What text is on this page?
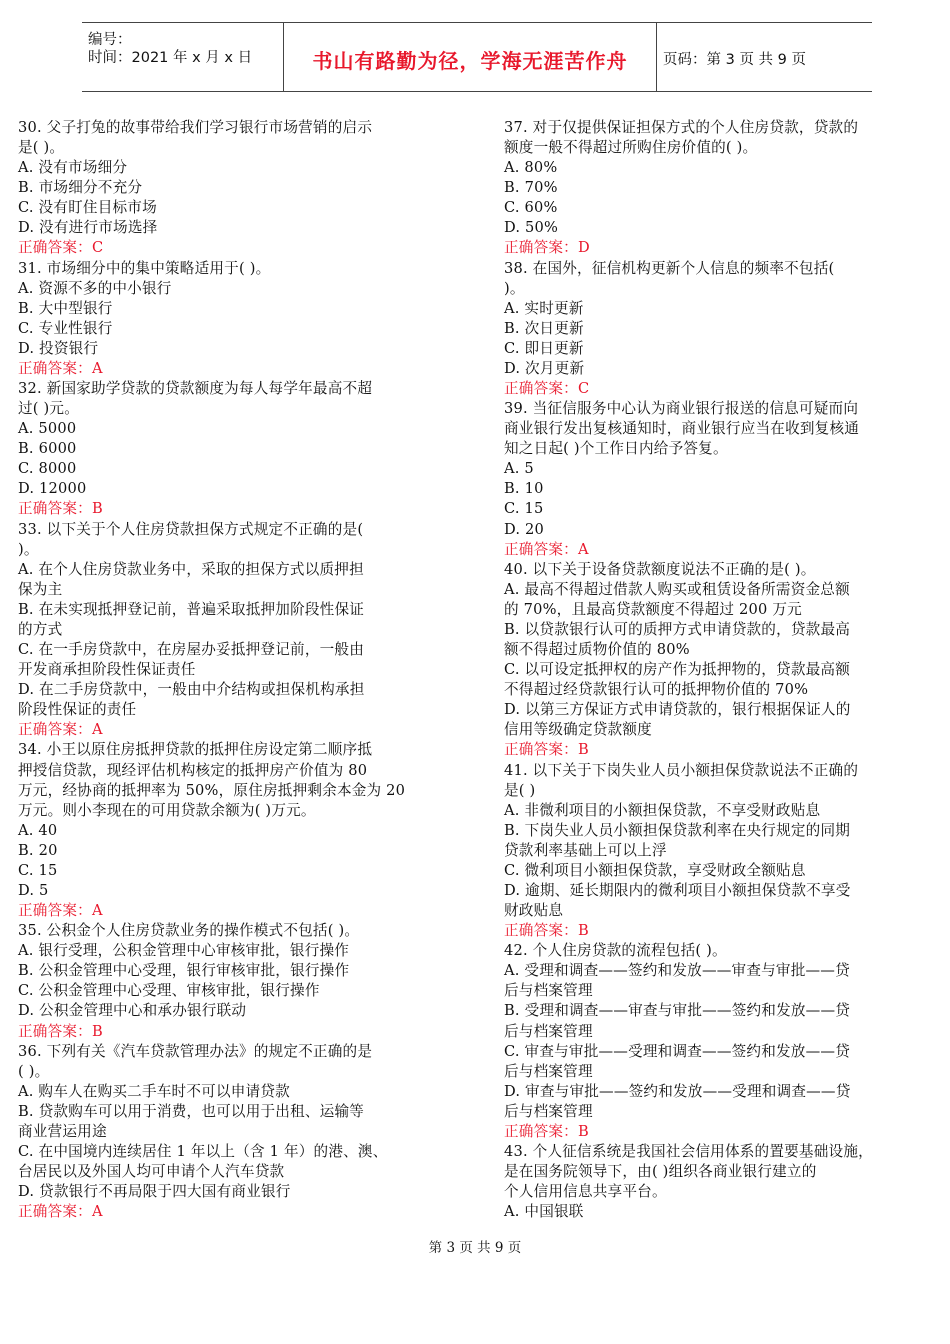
编号：
时间：2021 年 x 月 x 日	书山有路勤为径，学海无涯苦作舟	页码：第 3 页 共 9 页
30. 父子打兔的故事带给我们学习银行市场营销的启示
是( )。
A. 没有市场细分
B. 市场细分不充分
C. 没有盯住目标市场
D. 没有进行市场选择
正确答案：C
31. 市场细分中的集中策略适用于( )。
A. 资源不多的中小银行
B. 大中型银行
C. 专业性银行
D. 投资银行
正确答案：A
32. 新国家助学贷款的贷款额度为每人每学年最高不超
过( )元。
A. 5000
B. 6000
C. 8000
D. 12000
正确答案：B
33. 以下关于个人住房贷款担保方式规定不正确的是(
)。
A. 在个人住房贷款业务中，采取的担保方式以质押担
保为主
B. 在未实现抵押登记前，普遍采取抵押加阶段性保证
的方式
C. 在一手房贷款中，在房屋办妥抵押登记前，一般由
开发商承担阶段性保证责任
D. 在二手房贷款中，一般由中介结构或担保机构承担
阶段性保证的责任
正确答案：A
34. 小王以原住房抵押贷款的抵押住房设定第二顺序抵
押授信贷款，现经评估机构核定的抵押房产价值为 80
万元，经协商的抵押率为 50%，原住房抵押剩余本金为 20
万元。则小李现在的可用贷款余额为( )万元。
A. 40
B. 20
C. 15
D. 5
正确答案：A
35. 公积金个人住房贷款业务的操作模式不包括( )。
A. 银行受理，公积金管理中心审核审批，银行操作
B. 公积金管理中心受理，银行审核审批，银行操作
C. 公积金管理中心受理、审核审批，银行操作
D. 公积金管理中心和承办银行联动
正确答案：B
36. 下列有关《汽车贷款管理办法》的规定不正确的是
( )。
A. 购车人在购买二手车时不可以申请贷款
B. 贷款购车可以用于消费，也可以用于出租、运输等
商业营运用途
C. 在中国境内连续居住 1 年以上（含 1 年）的港、澳、
台居民以及外国人均可申请个人汽车贷款
D. 贷款银行不再局限于四大国有商业银行
正确答案：A
37. 对于仅提供保证担保方式的个人住房贷款，贷款的
额度一般不得超过所购住房价值的( )。
A. 80%
B. 70%
C. 60%
D. 50%
正确答案：D
38. 在国外，征信机构更新个人信息的频率不包括(
)。
A. 实时更新
B. 次日更新
C. 即日更新
D. 次月更新
正确答案：C
39. 当征信服务中心认为商业银行报送的信息可疑而向
商业银行发出复核通知时，商业银行应当在收到复核通
知之日起( )个工作日内给予答复。
A. 5
B. 10
C. 15
D. 20
正确答案：A
40. 以下关于设备贷款额度说法不正确的是( )。
A. 最高不得超过借款人购买或租赁设备所需资金总额
的 70%，且最高贷款额度不得超过 200 万元
B. 以贷款银行认可的质押方式申请贷款的，贷款最高
额不得超过质物价值的 80%
C. 以可设定抵押权的房产作为抵押物的，贷款最高额
不得超过经贷款银行认可的抵押物价值的 70%
D. 以第三方保证方式申请贷款的，银行根据保证人的
信用等级确定贷款额度
正确答案：B
41. 以下关于下岗失业人员小额担保贷款说法不正确的
是( )
A. 非微利项目的小额担保贷款，不享受财政贴息
B. 下岗失业人员小额担保贷款利率在央行规定的同期
贷款利率基础上可以上浮
C. 微利项目小额担保贷款，享受财政全额贴息
D. 逾期、延长期限内的微利项目小额担保贷款不享受
财政贴息
正确答案：B
42. 个人住房贷款的流程包括( )。
A. 受理和调查——签约和发放——审查与审批——贷
后与档案管理
B. 受理和调查——审查与审批——签约和发放——贷
后与档案管理
C. 审查与审批——受理和调查——签约和发放——贷
后与档案管理
D. 审查与审批——签约和发放——受理和调查——贷
后与档案管理
正确答案：B
43. 个人征信系统是我国社会信用体系的置要基础设施，
是在国务院领导下，由( )组织各商业银行建立的
个人信用信息共享平台。
A. 中国银联
第 3 页 共 9 页
